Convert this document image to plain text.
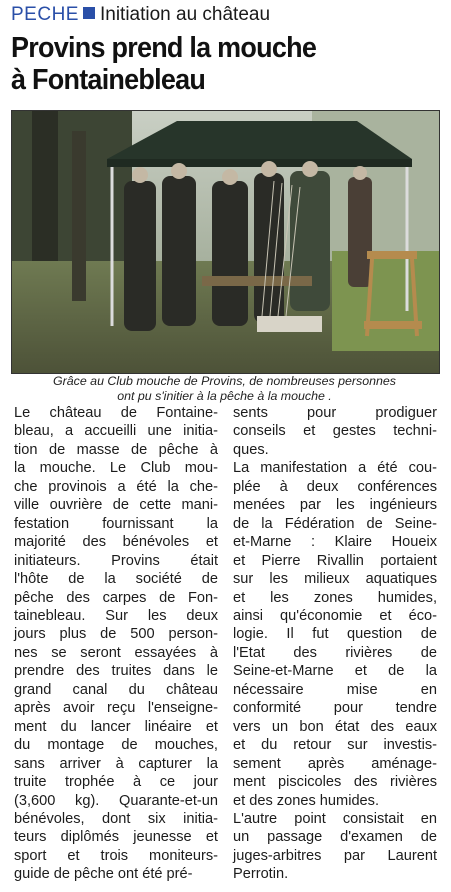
PECHE Initiation au château
Provins prend la mouche
à Fontainebleau
Grâce au Club mouche de Provins, de nombreuses personnes
ont pu s'initier à la pêche à la mouche .
Le château de Fontaine-
bleau, a accueilli une initia-
tion de masse de pêche à
la mouche. Le Club mou-
che provinois a été la che-
ville ouvrière de cette mani-
festation fournissant la
majorité des bénévoles et
initiateurs. Provins était
l'hôte de la société de
pêche des carpes de Fon-
tainebleau. Sur les deux
jours plus de 500 person-
nes se seront essayées à
prendre des truites dans le
grand canal du château
après avoir reçu l'enseigne-
ment du lancer linéaire et
du montage de mouches,
sans arriver à capturer la
truite trophée à ce jour
(3,600 kg). Quarante-et-un
bénévoles, dont six initia-
teurs diplômés jeunesse et
sport et trois moniteurs-
guide de pêche ont été pré-
sents pour prodiguer
conseils et gestes techni-
ques.
La manifestation a été cou-
plée à deux conférences
menées par les ingénieurs
de la Fédération de Seine-
et-Marne : Klaire Houeix
et Pierre Rivallin portaient
sur les milieux aquatiques
et les zones humides,
ainsi qu'économie et éco-
logie. Il fut question de
l'Etat des rivières de
Seine-et-Marne et de la
nécessaire mise en
conformité pour tendre
vers un bon état des eaux
et du retour sur investis-
sement après aménage-
ment piscicoles des rivières
et des zones humides.
L'autre point consistait en
un passage d'examen de
juges-arbitres par Laurent
Perrotin.
